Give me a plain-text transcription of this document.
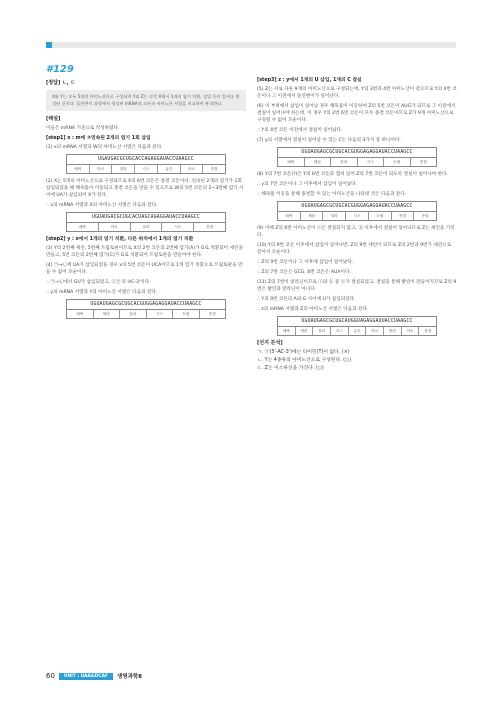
#129
[정답] ㄴ, ㄷ
X와 Y는 모두 5개의 아미노산으로 구성되며 Y와 Z는 각각 X에서 1개의 염기 치환, 삽입 등이 일어나 생성된 것이다. 돌연변이 과정에서 형성된 mRNA의 코돈과 아미노산 서열을 비교하여 분석한다.
[해설]
이들은 mRNA 기준으로 작성하였다.
[step1] x : m에 ③연속된 2개의 염기 1회 삽입
(1) x의 mRNA 서열과 W의 아미노산 서열은 다음과 같다.
UGAUGACGCUGCACCAGAGGAUACCUAAGCC
메싸	아르	알라	시스	글루	아르	종결
(2) X는 5개의 아미노산으로 구성되므로 X의 6번 코돈은 종결 코돈이다. 연속된 2개의 염기가 1회 삽입되었을 때 해독틀이 이동되고 종결 코돈을 만들 수 있으므로 W의 5번 코돈의 2~3번째 염기 사이에 UA가 삽입되어 X가 된다.
∴ x의 mRNA 서열과 X의 아미노산 서열은 다음과 같다.
UGUAUGACGCUGCACUAGCAGAGGAUACCUAAGCC
메싸	아르	알라	시스	종결
[step2] y : x에서 1개의 염기 치환, 다른 위치에서 1개의 염기 치환
(3) Y의 2번째 세린, 5번째 트립토판이므로 X의 2번 코돈의 2번째 염기(A)가 G로 치환되어 세린을 만들고, 5번 코돈의 2번째 염기(C)가 G로 치환되어 트립토판을 만들어야 한다.
(4) ㉠→㉡에 UA가 삽입되었을 경우 x의 5번 코돈이 UCA이므로 1개 염기 치환으로 트립토판을 만들 수 없어 모순이다.
∴ ㉠→㉡에서 GU가 삽입되었고, ㉡은 5'-AC-3'이다.
∴ y의 mRNA 서열과 Y의 아미노산 서열은 다음과 같다.
UGUAUGAGCGCUGCACGUGGAGAGGAUACCUAAGCC
메싸	세린	알라	시스	트립	종결
[step3] z : y에서 1개의 U 삽입, 1개의 C 결실
(5) Z는 서로 다른 9개의 아미노산으로 구성되는데, Y의 3번과 4번 아미노산이 같으므로 Y의 4번 코돈이나 그 이전에서 돌연변이가 일어난다.
(6) 이 부위에서 삽입이 일어날 경우 해독틀이 이동하여 Z의 5번 코돈이 AUG가 되므로 그 이전에서 결실이 일어나야 하는데, 이 경우 Y의 2번 6번 코돈이 모두 종결 코돈이므로 Z가 9개 아미노산으로 구성될 수 없어 모순이다.
∴ Y의 4번 코돈 이전에서 결실이 일어났다.
(7) y의 서열에서 결실이 일어날 수 있는 C는 다음의 3가지 중 하나이다.
UGUAUGAGCGCUGCACGUGGAGAGGAUACCUAAGCC
메싸	세린	알라	시스	트립	종결
(8) Y의 7번 코돈(?)은 Y의 6번 코돈과 겹쳐 있어 Z의 7번 코돈이 되도록 결실이 일어나야 한다.
∴ y의 7번 코돈이나 그 이후에서 삽입이 일어났다.
∴ 해독틀 이동을 통해 종결할 수 있는 아미노산을 나타낸 것은 다음과 같다.
UGUAUGAGCGCUGCACGUGGAGAGGAUACCUAAGCC
메싸	세린	알라	시스	트립	종결	종결
(9) 이때 Z의 6번 아미노산이 ⓐ은 결실되지 않고, ⓑ 이후에서 결실이 일어나므로 Z는 세린을 가진다.
(10) Y의 9번 코돈 이후에서 삽입이 일어나면, Z의 9번 세린이 되므로 Z의 2번과 9번가 세린으로 같아서 모순이다.
∴ Z의 9번 코돈이나 그 이후에 삽입이 일어났다.
∴ Z의 7번 코돈은 GCG, 8번 코돈은 AUA이다.
(11) Z의 7번이 알라닌이므로 ⓐ와 ⓑ 중 ⓐ가 결실되었고, 결실을 통해 발린이 만들어지므로 Z의 9번은 발린과 알라닌이 아니다.
∴ Y의 9번 코돈의 A와 G 사이에 U가 삽입되었다.
∴ z의 mRNA 서열과 Z의 아미노산 서열은 다음과 같다.
UGUAUGAGCGCUGCAUGGUAGAGGAUUACCUAAGCC
메싸	세린	알라	히스	글루	아르	발린	이소	종결
[선지 분석]
ㄱ. ⓐ(5'-AC-3')에는 타이민(T)이 없다. (×)
ㄴ. Y는 4종류의 아미노산으로 구성된다. (○)
ㄷ. Z는 이소류신을 가진다. (○)
60	UNIT : UAA&DCAF	생명과학Ⅱ
